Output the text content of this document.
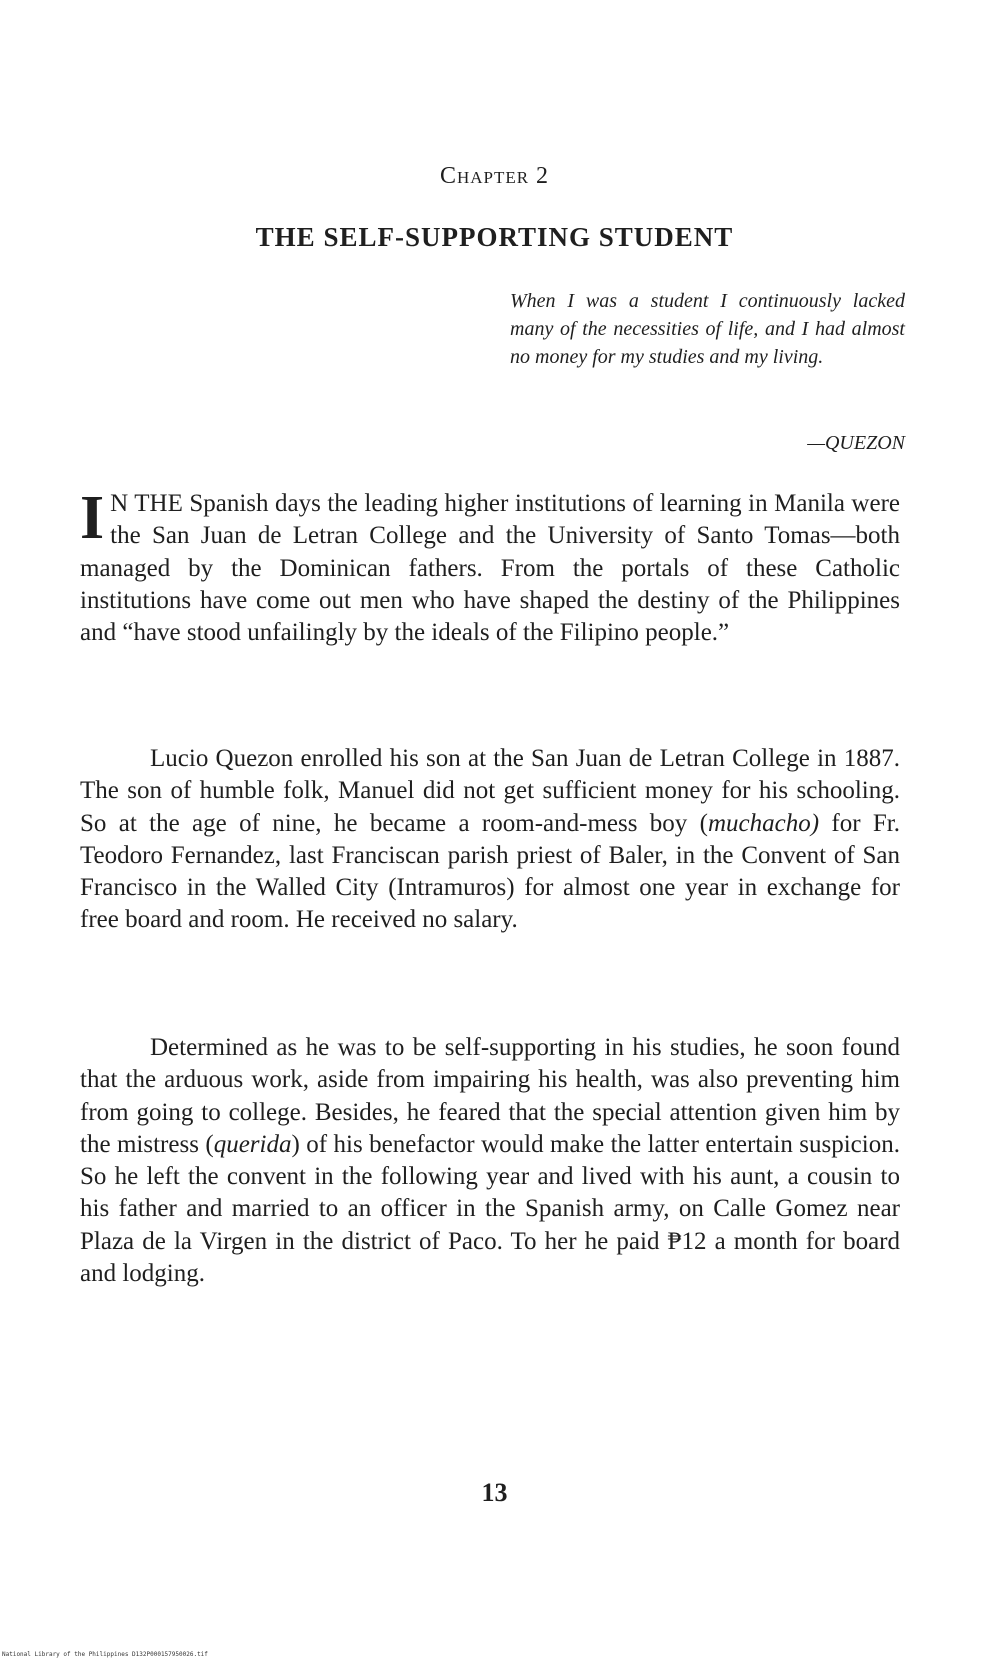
Chapter 2
THE SELF-SUPPORTING STUDENT
When I was a student I continuously lacked many of the necessities of life, and I had almost no money for my studies and my living.
—QUEZON

I N THE Spanish days the leading higher institutions of learning in Manila were the San Juan de Letran College and the University of Santo Tomas—both managed by the Dominican fathers. From the portals of these Catholic institutions have come out men who have shaped the destiny of the Philippines and “have stood unfailingly by the ideals of the Filipino people.”

Lucio Quezon enrolled his son at the San Juan de Letran College in 1887. The son of humble folk, Manuel did not get sufficient money for his schooling. So at the age of nine, he became a room-and-mess boy (muchacho) for Fr. Teodoro Fernandez, last Franciscan parish priest of Baler, in the Convent of San Francisco in the Walled City (Intramuros) for almost one year in exchange for free board and room. He received no salary.

Determined as he was to be self-supporting in his studies, he soon found that the arduous work, aside from impairing his health, was also preventing him from going to college. Besides, he feared that the special attention given him by the mistress (querida) of his benefactor would make the latter entertain suspicion. So he left the convent in the following year and lived with his aunt, a cousin to his father and married to an officer in the Spanish army, on Calle Gomez near Plaza de la Virgen in the district of Paco. To her he paid ₱12 a month for board and lodging.

13
National Library of the Philippines D132P000157950026.tif
